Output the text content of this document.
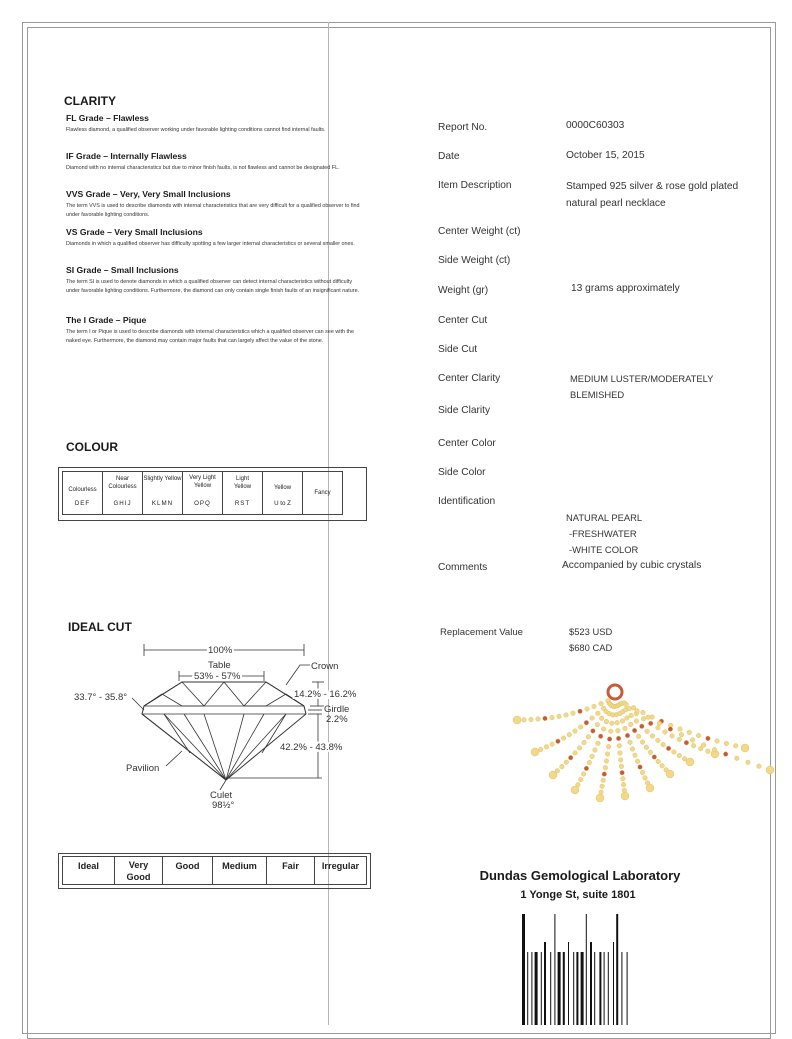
CLARITY

FL Grade – Flawless

Flawless diamond, a qualified observer working under favorable lighting conditions cannot find internal faults.

IF Grade – Internally Flawless

Diamond with no internal characteristics but due to minor finish faults, is not flawless and cannot be designated FL.

VVS Grade – Very, Very Small Inclusions

The term VVS is used to describe diamonds with internal characteristics that are very difficult for a qualified observer to find under favorable lighting conditions.

VS Grade – Very Small Inclusions

Diamonds in which a qualified observer has difficulty spotting a few larger internal characteristics or several smaller ones.

SI Grade – Small Inclusions

The term SI is used to denote diamonds in which a qualified observer can detect internal characteristics without difficulty under favorable lighting conditions. Furthermore, the diamond can only contain single finish faults of an insignificant nature.

The I Grade – Pique

The term I or Pique is used to describe diamonds with internal characteristics which a qualified observer can see with the naked eye. Furthermore, the diamond may contain major faults that can largely affect the value of the stone.

COLOUR
Colourless
DEF

Near Colourless
GHIJ

Slightly Yellow
KLMN

Very Light Yellow
OPQ

Light Yellow
RST

Yellow
U to Z
	Fancy
IDEAL CUT
100%
Table
53% - 57%
Crown
33.7° - 35.8°	14.2% - 16.2%
Girdle
2.2%
42.2% - 43.8%
Pavilion
Culet
98½°
Ideal	Very Good	Good	Medium	Fair	Irregular
Report No.	0000C60303
Date	October 15, 2015
Item Description	Stamped 925 silver & rose gold plated natural pearl necklace
Center Weight (ct)
Side Weight (ct)
Weight (gr)	13 grams approximately
Center Cut
Side Cut
Center Clarity	MEDIUM LUSTER/MODERATELY BLEMISHED
Side Clarity
Center Color
Side Color
Identification
NATURAL PEARL
-FRESHWATER
-WHITE COLOR
Comments	Accompanied by cubic crystals
Replacement Value	$523 USD
$680 CAD
Dundas Gemological Laboratory
1 Yonge St, suite 1801
